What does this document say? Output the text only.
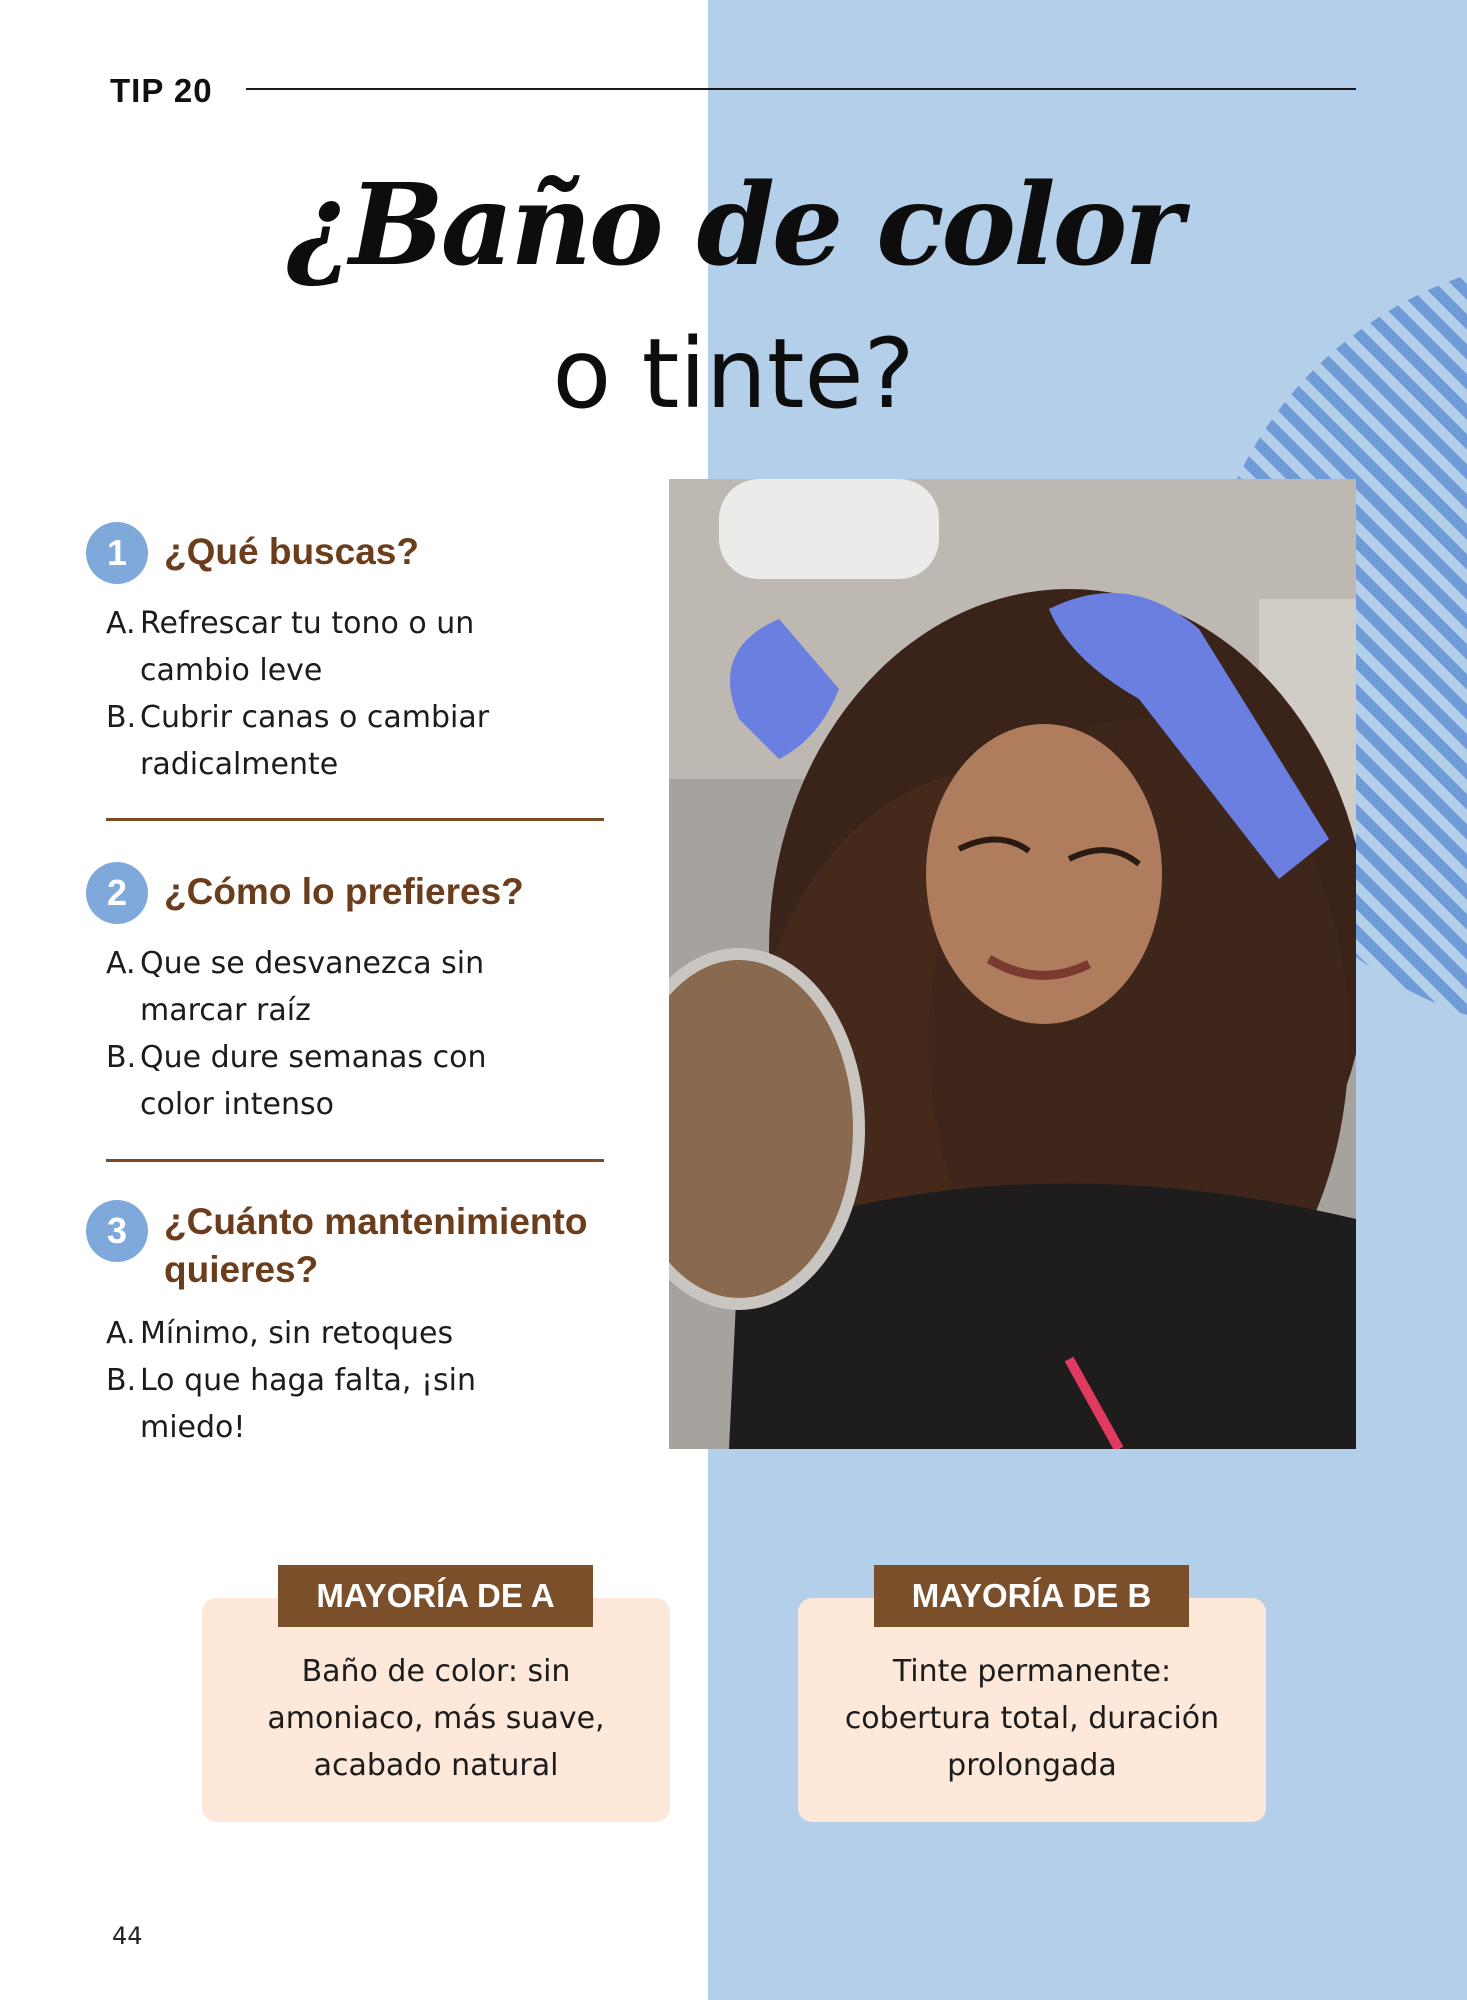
TIP 20
¿Baño de color
o tinte?
1 ¿Qué buscas?
A. Refrescar tu tono o un cambio leve
B. Cubrir canas o cambiar radicalmente
2 ¿Cómo lo prefieres?
A. Que se desvanezca sin marcar raíz
B. Que dure semanas con color intenso
3 ¿Cuánto mantenimiento quieres?
A. Mínimo, sin retoques
B. Lo que haga falta, ¡sin miedo!
Baño de color: sin amoniaco, más suave, acabado natural
MAYORÍA DE A
Tinte permanente: cobertura total, duración prolongada
MAYORÍA DE B
44
